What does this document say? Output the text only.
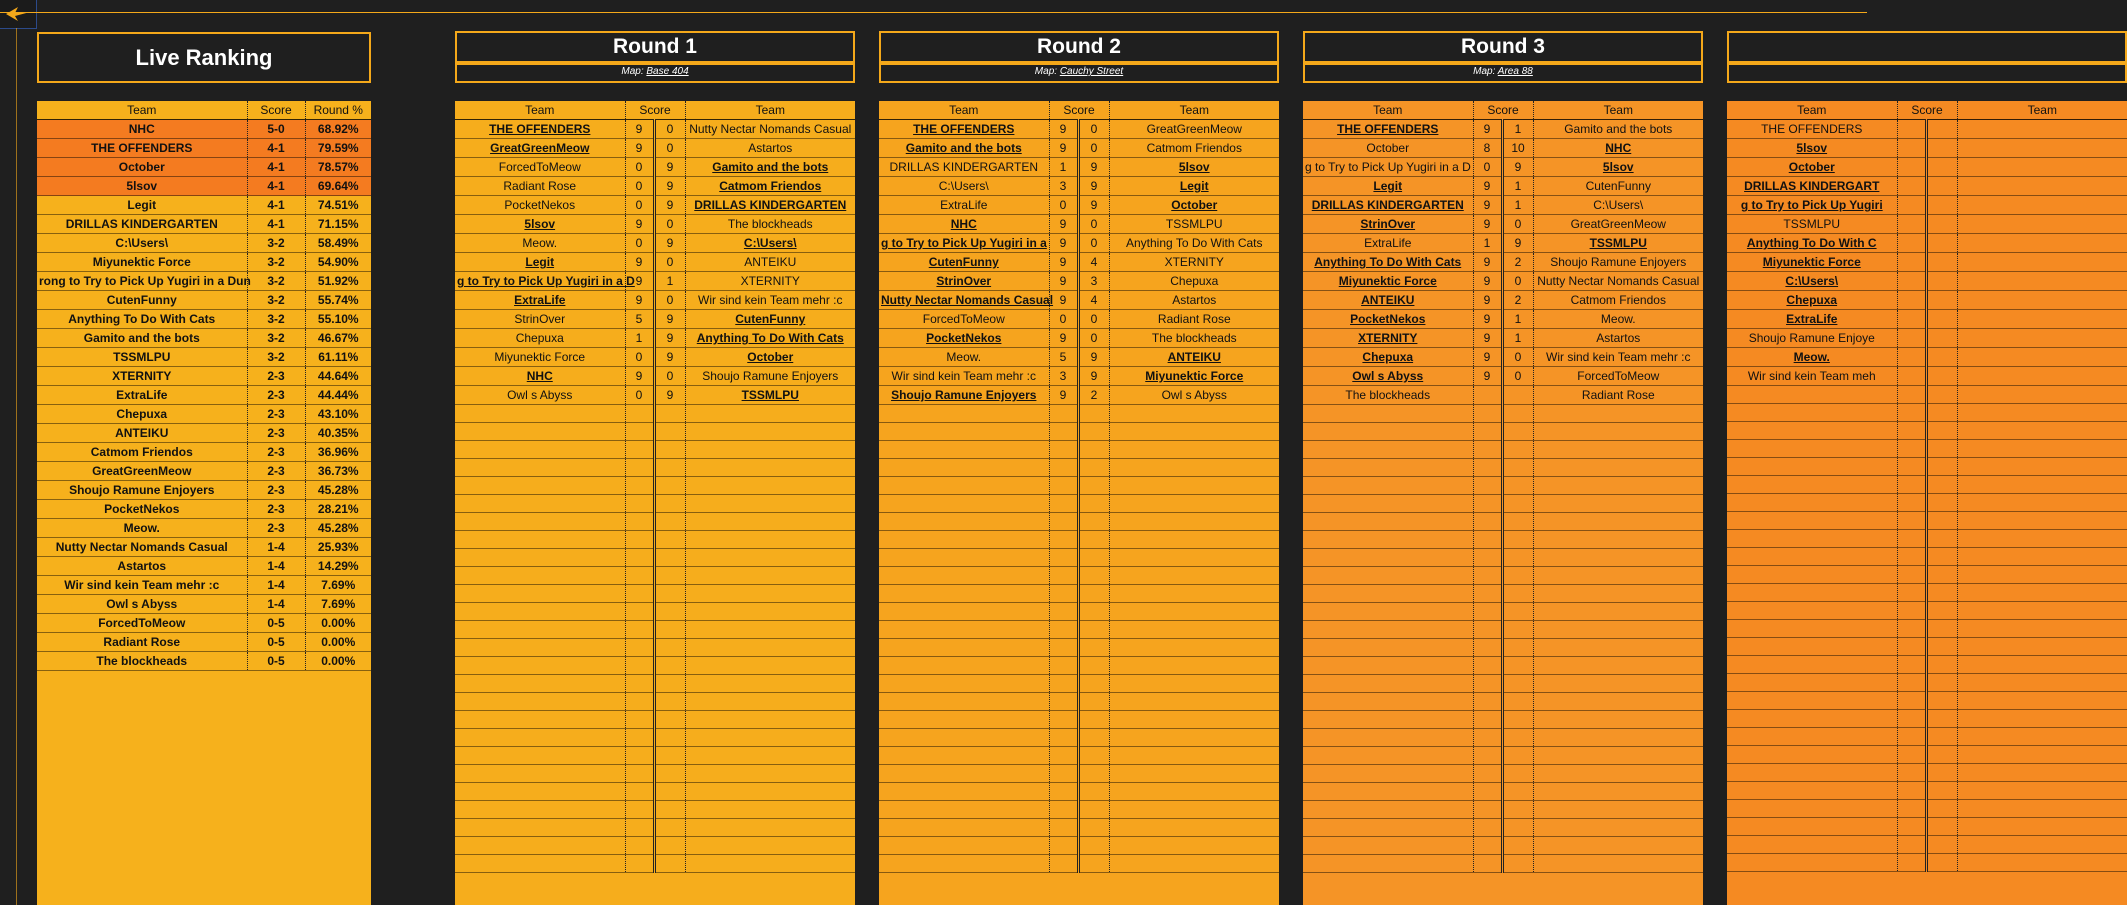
Live Ranking
Team	Score	Round %
NHC	5-0	68.92%
THE OFFENDERS	4-1	79.59%
October	4-1	78.57%
5lsov	4-1	69.64%
Legit	4-1	74.51%
DRILLAS KINDERGARTEN	4-1	71.15%
C:\Users\	3-2	58.49%
Miyunektic Force	3-2	54.90%
rong to Try to Pick Up Yugiri in a Dun	3-2	51.92%
CutenFunny	3-2	55.74%
Anything To Do With Cats	3-2	55.10%
Gamito and the bots	3-2	46.67%
TSSMLPU	3-2	61.11%
XTERNITY	2-3	44.64%
ExtraLife	2-3	44.44%
Chepuxa	2-3	43.10%
ANTEIKU	2-3	40.35%
Catmom Friendos	2-3	36.96%
GreatGreenMeow	2-3	36.73%
Shoujo Ramune Enjoyers	2-3	45.28%
PocketNekos	2-3	28.21%
Meow.	2-3	45.28%
Nutty Nectar Nomands Casual	1-4	25.93%
Astartos	1-4	14.29%
Wir sind kein Team mehr :c	1-4	7.69%
Owl s Abyss	1-4	7.69%
ForcedToMeow	0-5	0.00%
Radiant Rose	0-5	0.00%
The blockheads	0-5	0.00%
Round 1
Map: Base 404
Team	Score		Team
THE OFFENDERS	9	0	Nutty Nectar Nomands Casual
GreatGreenMeow	9	0	Astartos
ForcedToMeow	0	9	Gamito and the bots
Radiant Rose	0	9	Catmom Friendos
PocketNekos	0	9	DRILLAS KINDERGARTEN
5lsov	9	0	The blockheads
Meow.	0	9	C:\Users\
Legit	9	0	ANTEIKU
g to Try to Pick Up Yugiri in a D	9	1	XTERNITY
ExtraLife	9	0	Wir sind kein Team mehr :c
StrinOver	5	9	CutenFunny
Chepuxa	1	9	Anything To Do With Cats
Miyunektic Force	0	9	October
NHC	9	0	Shoujo Ramune Enjoyers
Owl s Abyss	0	9	TSSMLPU

Round 2
Map: Cauchy Street
Team	Score		Team
THE OFFENDERS	9	0	GreatGreenMeow
Gamito and the bots	9	0	Catmom Friendos
DRILLAS KINDERGARTEN	1	9	5lsov
C:\Users\	3	9	Legit
ExtraLife	0	9	October
NHC	9	0	TSSMLPU
g to Try to Pick Up Yugiri in a	9	0	Anything To Do With Cats
CutenFunny	9	4	XTERNITY
StrinOver	9	3	Chepuxa
Nutty Nectar Nomands Casual	9	4	Astartos
ForcedToMeow	0	0	Radiant Rose
PocketNekos	9	0	The blockheads
Meow.	5	9	ANTEIKU
Wir sind kein Team mehr :c	3	9	Miyunektic Force
Shoujo Ramune Enjoyers	9	2	Owl s Abyss

Round 3
Map: Area 88
Team	Score		Team
THE OFFENDERS	9	1	Gamito and the bots
October	8	10	NHC
g to Try to Pick Up Yugiri in a D	0	9	5lsov
Legit	9	1	CutenFunny
DRILLAS KINDERGARTEN	9	1	C:\Users\
StrinOver	9	0	GreatGreenMeow
ExtraLife	1	9	TSSMLPU
Anything To Do With Cats	9	2	Shoujo Ramune Enjoyers
Miyunektic Force	9	0	Nutty Nectar Nomands Casual
ANTEIKU	9	2	Catmom Friendos
PocketNekos	9	1	Meow.
XTERNITY	9	1	Astartos
Chepuxa	9	0	Wir sind kein Team mehr :c
Owl s Abyss	9	0	ForcedToMeow
The blockheads			Radiant Rose

Team	Score		Team
THE OFFENDERS			
5lsov			
October			
DRILLAS KINDERGART			
g to Try to Pick Up Yugiri			
TSSMLPU			
Anything To Do With C			
Miyunektic Force			
C:\Users\			
Chepuxa			
ExtraLife			
Shoujo Ramune Enjoye			
Meow.			
Wir sind kein Team meh			
